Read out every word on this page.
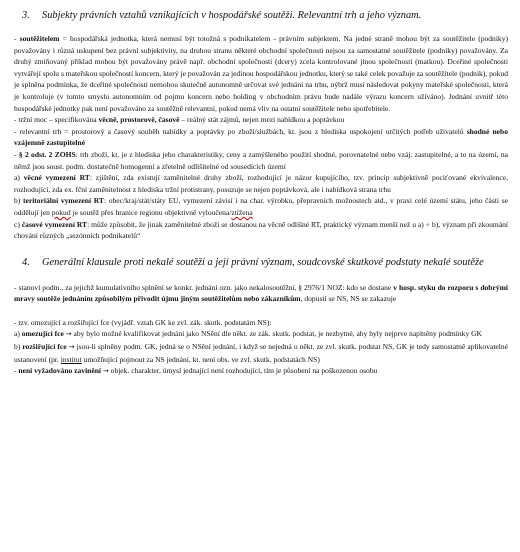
3. Subjekty právních vztahů vznikajících v hospodářské soutěži. Relevantní trh a jeho význam.

- soutěžitelem = hospodářská jednotka, která nemusí být totožná s podnikatelem - právním subjektem. Na jedné straně mohou být za soutěžitele (podniky) považovány i různá uskupení bez právní subjektivity, na druhou stranu některé obchodní společnosti nejsou za samostatné soutěžitele (podniky) považovány. Za druhý zmiňovaný příklad mohou být považovány právě např. obchodní společnosti (dcery) zcela kontrolované jinou společností (matkou). Dceřiné společnosti vytvářejí spolu s mateřskou společností koncern, který je považován za jedinou hospodářskou jednotku, který se také celek považuje za soutěžitele (podnik), pokud je splněna podmínka, že dceřiné společnosti nemohou skutečně autonomně určovat své jednání na trhu, nýbrž musí následovat pokyny mateřské společnosti, která je kontroluje (v tomto smyslu autonomním od pojmu koncern nebo holding v obchodním právu bude nadále výrazu koncern užíváno). Jednání uvnitř této hospodářské jednotky pak není považováno za soutěžně relevantní, pokud nemá vliv na ostatní soutěžitele nebo spotřebitele.

- tržní moc – specifikována věcně, prostorově, časově – reálný stát zájmů, nejen mezi nabídkou a poptávkou

- relevantní trh = prostorový a časový souběh nabídky a poptávky po zboží/službách, kt. jsou z hlediska uspokojení určitých potřeb uživatelů shodné nebo vzájemně zastupitelné

- § 2 odst. 2 ZOHS: trh zboží, kt. je z hlediska jeho charakteristiky, ceny a zamýšleného použití shodné, porovnatelné nebo vzáj. zastupitelné, a to na území, na němž jsou soust. podm. dostatečně homogenní a zřetelně odlišitelné od sousedících území

a) věcné vymezení RT: zjištění, zda existují zaměnitelné druhy zboží, rozhodující je názor kupujícího, tzv. princip subjektivně pociťované ekvivalence, rozhodující, zda ex. fční zaměnitelnost z hlediska tržní protistrany, posuzuje se nejen poptávková, ale i nabídková strana trhu

b) teritoriální vymezení RT: obec/kraj/stát/státy EU, vymezení závisí i na char. výrobku, přepravních možnostech atd., v praxi celé území státu, jeho části se oddělují jen pokud je soutěž přes hranice regionu objektivně vyloučena/ztížena

c) časové vymezení RT: může způsobit, že jinak zaměnitelné zboží se dostanou na věcně odlišné RT, praktický význam menší než u a) + b), význam při zkoumání chování různých „sezónních podnikatelů“

4. Generální klausule proti nekalé soutěži a její právní význam, soudcovské skutkové podstaty nekalé soutěže

- stanoví podm., za jejichž kumulativního splnění se konkr. jednání ozn. jako nekalosoutěžní, § 2976/1 NOZ: kdo se dostane v hosp. styku do rozporu s dobrými mravy soutěže jednáním způsobilým přivodit újmu jiným soutěžitelům nebo zákazníkům, dopustí se NS, NS se zakazuje

- tzv. omezující a rozšiřující fce (vyjádř. vztah GK ke zvl. zák. skutk. podstatám NS):

a) omezující fce → aby bylo možné kvalifikovat jednání jako NSění dle někt. ze zák. skutk. podstat, je nezbytné, aby byly nejprve naplněny podmínky GK

b) rozšiřující fce → jsou-li splněny podm. GK, jedná se o NSění jednání, i když se nejedná o někt. ze zvl. skutk. podstat NS, GK je tedy samostatně aplikovatelné ustanovení (pr. institut umožňující pojmout za NS jednání, kt. není obs. ve zvl. skutk. podstatách NS)

- není vyžadováno zavinění → objek. charakter, úmysl jednající není rozhodující, tím je působení na poškozenou osobu
